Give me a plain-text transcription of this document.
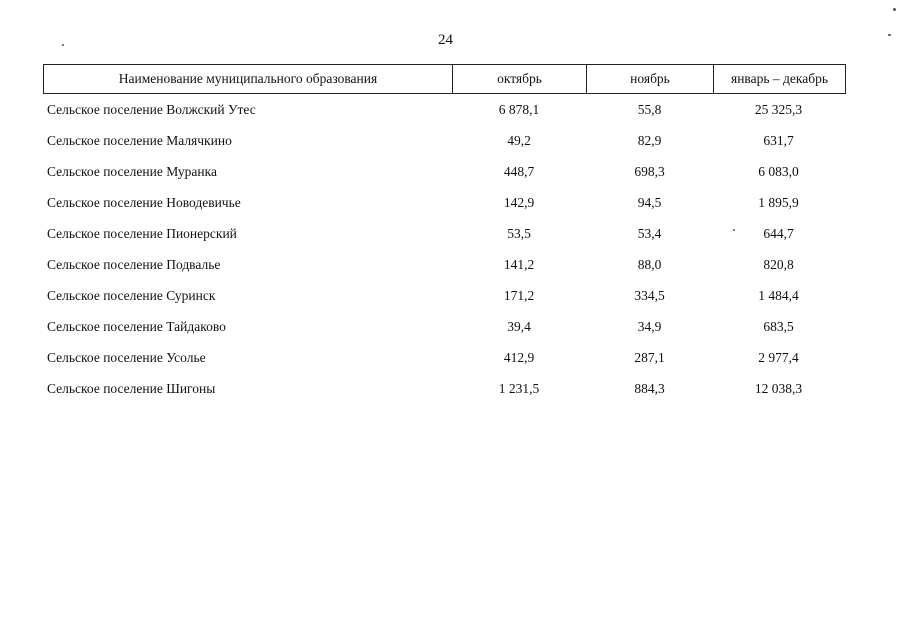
24
Наименование муниципального образования	октябрь	ноябрь	январь – декабрь
Сельское поселение Волжский Утес	6 878,1	55,8	25 325,3
Сельское поселение Малячкино	49,2	82,9	631,7
Сельское поселение Муранка	448,7	698,3	6 083,0
Сельское поселение Новодевичье	142,9	94,5	1 895,9
Сельское поселение Пионерский	53,5	53,4	644,7
Сельское поселение Подвалье	141,2	88,0	820,8
Сельское поселение Суринск	171,2	334,5	1 484,4
Сельское поселение Тайдаково	39,4	34,9	683,5
Сельское поселение Усолье	412,9	287,1	2 977,4
Сельское поселение Шигоны	1 231,5	884,3	12 038,3
